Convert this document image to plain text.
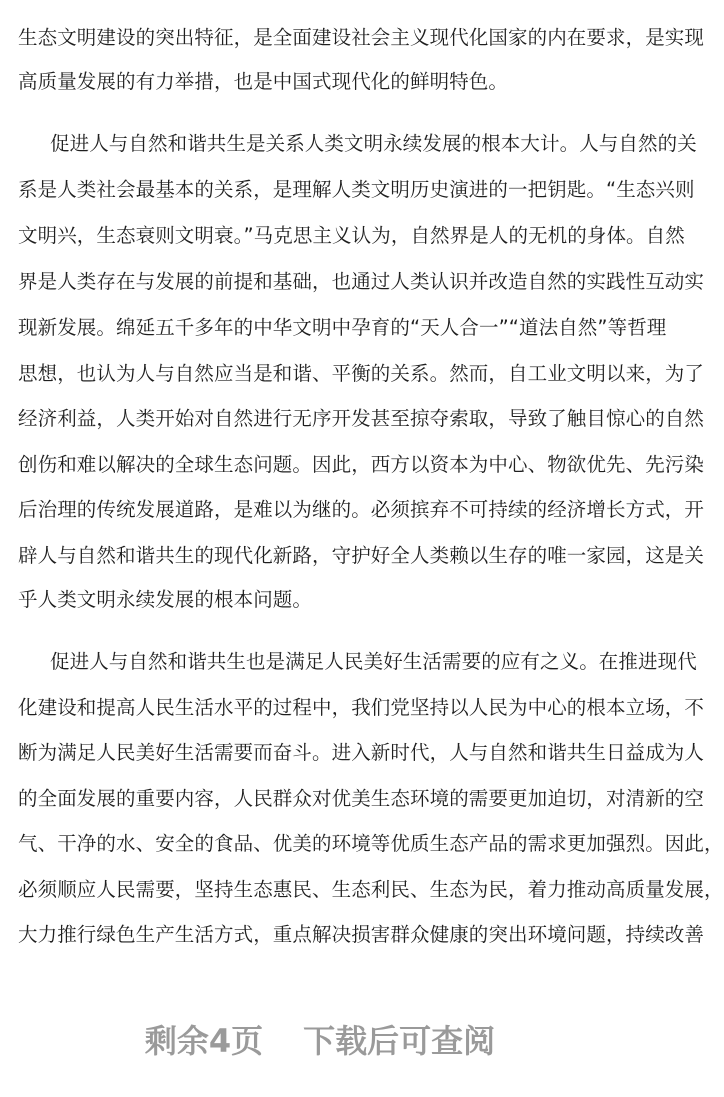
生态文明建设的突出特征，是全面建设社会主义现代化国家的内在要求，是实现
高质量发展的有力举措，也是中国式现代化的鲜明特色。
促进人与自然和谐共生是关系人类文明永续发展的根本大计。人与自然的关
系是人类社会最基本的关系，是理解人类文明历史演进的一把钥匙。“生态兴则
文明兴，生态衰则文明衰。”马克思主义认为，自然界是人的无机的身体。自然
界是人类存在与发展的前提和基础，也通过人类认识并改造自然的实践性互动实
现新发展。绵延五千多年的中华文明中孕育的“天人合一”“道法自然”等哲理
思想，也认为人与自然应当是和谐、平衡的关系。然而，自工业文明以来，为了
经济利益，人类开始对自然进行无序开发甚至掠夺索取，导致了触目惊心的自然
创伤和难以解决的全球生态问题。因此，西方以资本为中心、物欲优先、先污染
后治理的传统发展道路，是难以为继的。必须摈弃不可持续的经济增长方式，开
辟人与自然和谐共生的现代化新路，守护好全人类赖以生存的唯一家园，这是关
乎人类文明永续发展的根本问题。
促进人与自然和谐共生也是满足人民美好生活需要的应有之义。在推进现代
化建设和提高人民生活水平的过程中，我们党坚持以人民为中心的根本立场，不
断为满足人民美好生活需要而奋斗。进入新时代，人与自然和谐共生日益成为人
的全面发展的重要内容，人民群众对优美生态环境的需要更加迫切，对清新的空
气、干净的水、安全的食品、优美的环境等优质生态产品的需求更加强烈。因此，
必须顺应人民需要，坚持生态惠民、生态利民、生态为民，着力推动高质量发展，
大力推行绿色生产生活方式，重点解决损害群众健康的突出环境问题，持续改善
剩余4页 下载后可查阅
